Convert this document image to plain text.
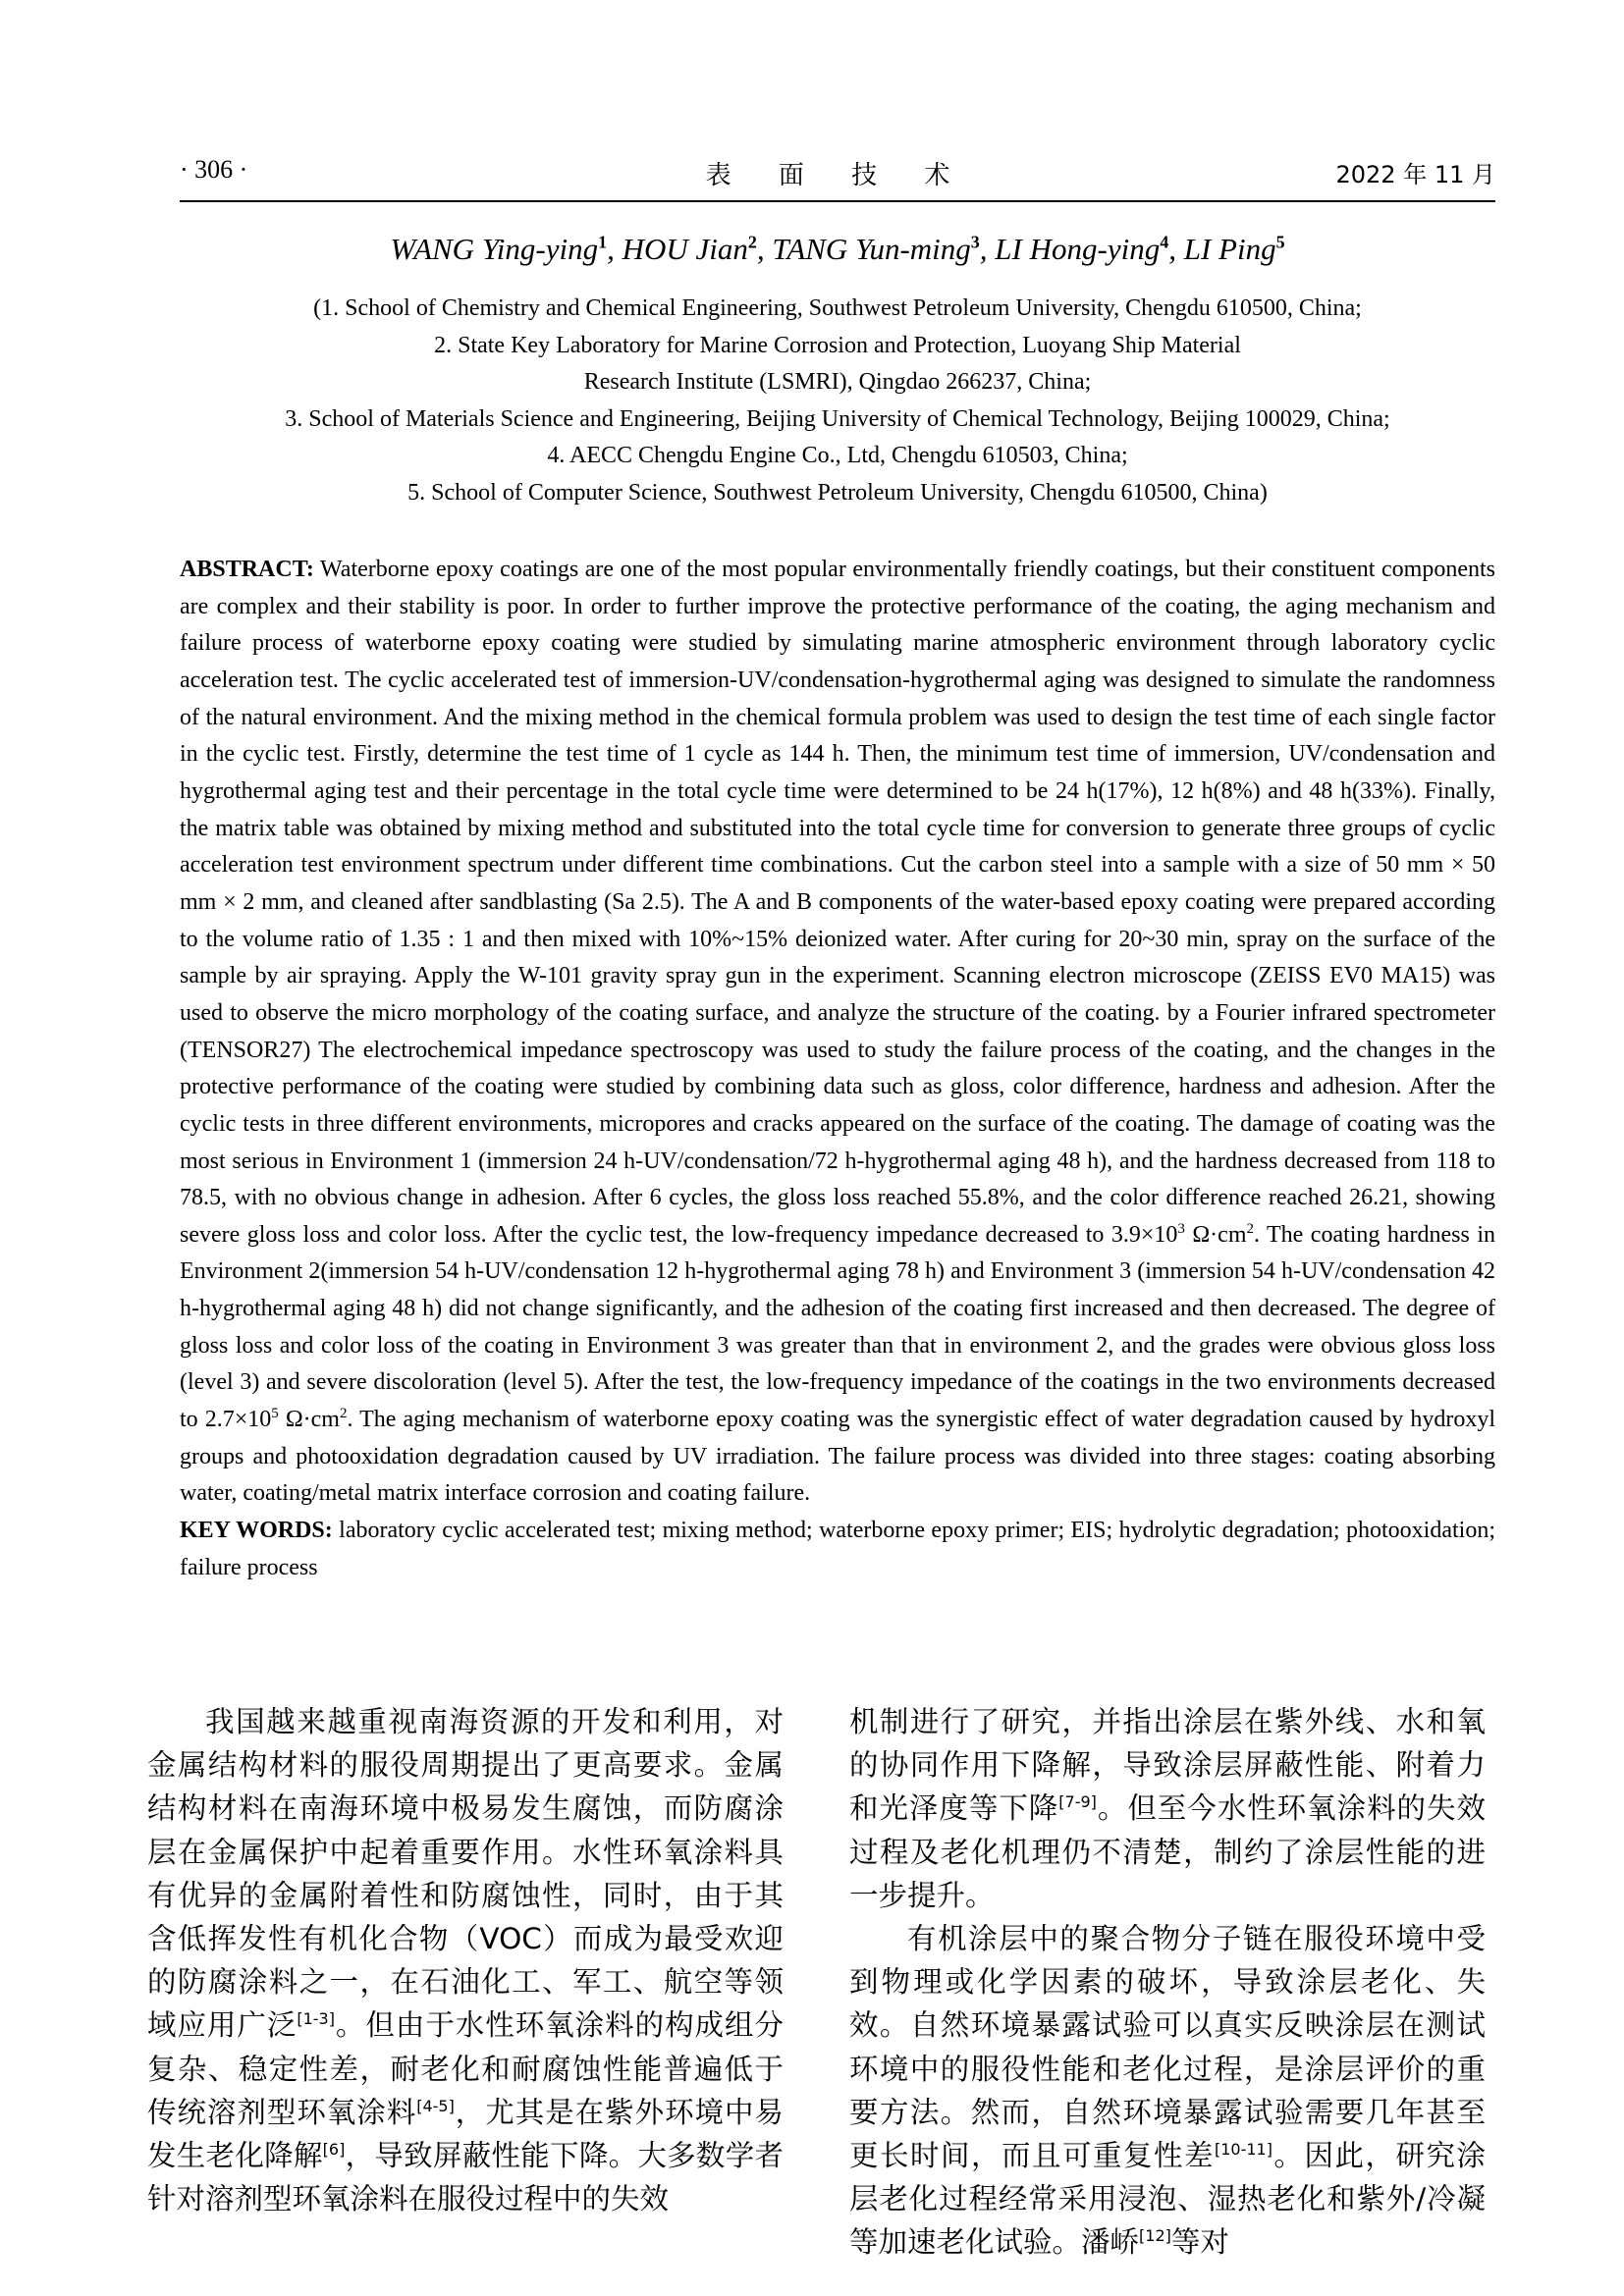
· 306 ·	表 面 技 术	2022 年 11 月
WANG Ying-ying$^1$, HOU Jian$^2$, TANG Yun-ming$^3$, LI Hong-ying$^4$, LI Ping$^5$
(1. School of Chemistry and Chemical Engineering, Southwest Petroleum University, Chengdu 610500, China;
2. State Key Laboratory for Marine Corrosion and Protection, Luoyang Ship Material
Research Institute (LSMRI), Qingdao 266237, China;
3. School of Materials Science and Engineering, Beijing University of Chemical Technology, Beijing 100029, China;
4. AECC Chengdu Engine Co., Ltd, Chengdu 610503, China;
5. School of Computer Science, Southwest Petroleum University, Chengdu 610500, China)

ABSTRACT: Waterborne epoxy coatings are one of the most popular environmentally friendly coatings, but their constituent components are complex and their stability is poor. In order to further improve the protective performance of the coating, the aging mechanism and failure process of waterborne epoxy coating were studied by simulating marine atmospheric environment through laboratory cyclic acceleration test. The cyclic accelerated test of immersion-UV/condensation-hygrothermal aging was designed to simulate the randomness of the natural environment. And the mixing method in the chemical formula problem was used to design the test time of each single factor in the cyclic test. Firstly, determine the test time of 1 cycle as 144 h. Then, the minimum test time of immersion, UV/condensation and hygrothermal aging test and their percentage in the total cycle time were determined to be 24 h(17%), 12 h(8%) and 48 h(33%). Finally, the matrix table was obtained by mixing method and substituted into the total cycle time for conversion to generate three groups of cyclic acceleration test environment spectrum under different time combinations. Cut the carbon steel into a sample with a size of 50 mm × 50 mm × 2 mm, and cleaned after sandblasting (Sa 2.5). The A and B components of the water-based epoxy coating were prepared according to the volume ratio of 1.35 : 1 and then mixed with 10%~15% deionized water. After curing for 20~30 min, spray on the surface of the sample by air spraying. Apply the W-101 gravity spray gun in the experiment. Scanning electron microscope (ZEISS EV0 MA15) was used to observe the micro morphology of the coating surface, and analyze the structure of the coating. by a Fourier infrared spectrometer (TENSOR27) The electrochemical impedance spectroscopy was used to study the failure process of the coating, and the changes in the protective performance of the coating were studied by combining data such as gloss, color difference, hardness and adhesion. After the cyclic tests in three different environments, micropores and cracks appeared on the surface of the coating. The damage of coating was the most serious in Environment 1 (immersion 24 h-UV/condensation/72 h-hygrothermal aging 48 h), and the hardness decreased from 118 to 78.5, with no obvious change in adhesion. After 6 cycles, the gloss loss reached 55.8%, and the color difference reached 26.21, showing severe gloss loss and color loss. After the cyclic test, the low-frequency impedance decreased to $3.9\times 10^3$ $\Omega\cdot cm^2$. The coating hardness in Environment 2(immersion 54 h-UV/condensation 12 h-hygrothermal aging 78 h) and Environment 3 (immersion 54 h-UV/condensation 42 h-hygrothermal aging 48 h) did not change significantly, and the adhesion of the coating first increased and then decreased. The degree of gloss loss and color loss of the coating in Environment 3 was greater than that in environment 2, and the grades were obvious gloss loss (level 3) and severe discoloration (level 5). After the test, the low-frequency impedance of the coatings in the two environments decreased to $2.7\times 10^5$ $\Omega\cdot cm^2$. The aging mechanism of waterborne epoxy coating was the synergistic effect of water degradation caused by hydroxyl groups and photooxidation degradation caused by UV irradiation. The failure process was divided into three stages: coating absorbing water, coating/metal matrix interface corrosion and coating failure.

KEY WORDS: laboratory cyclic accelerated test; mixing method; waterborne epoxy primer; EIS; hydrolytic degradation; photooxidation; failure process

我国越来越重视南海资源的开发和利用，对金属结构材料的服役周期提出了更高要求。金属结构材料在南海环境中极易发生腐蚀，而防腐涂层在金属保护中起着重要作用。水性环氧涂料具有优异的金属附着性和防腐蚀性，同时，由于其含低挥发性有机化合物（VOC）而成为最受欢迎的防腐涂料之一，在石油化工、军工、航空等领域应用广泛[1-3]。但由于水性环氧涂料的构成组分复杂、稳定性差，耐老化和耐腐蚀性能普遍低于传统溶剂型环氧涂料[4-5]，尤其是在紫外环境中易发生老化降解[6]，导致屏蔽性能下降。大多数学者针对溶剂型环氧涂料在服役过程中的失效

机制进行了研究，并指出涂层在紫外线、水和氧的协同作用下降解，导致涂层屏蔽性能、附着力和光泽度等下降[7-9]。但至今水性环氧涂料的失效过程及老化机理仍不清楚，制约了涂层性能的进一步提升。

有机涂层中的聚合物分子链在服役环境中受到物理或化学因素的破坏，导致涂层老化、失效。自然环境暴露试验可以真实反映涂层在测试环境中的服役性能和老化过程，是涂层评价的重要方法。然而，自然环境暴露试验需要几年甚至更长时间，而且可重复性差[10-11]。因此，研究涂层老化过程经常采用浸泡、湿热老化和紫外/冷凝等加速老化试验。潘峤[12]等对
